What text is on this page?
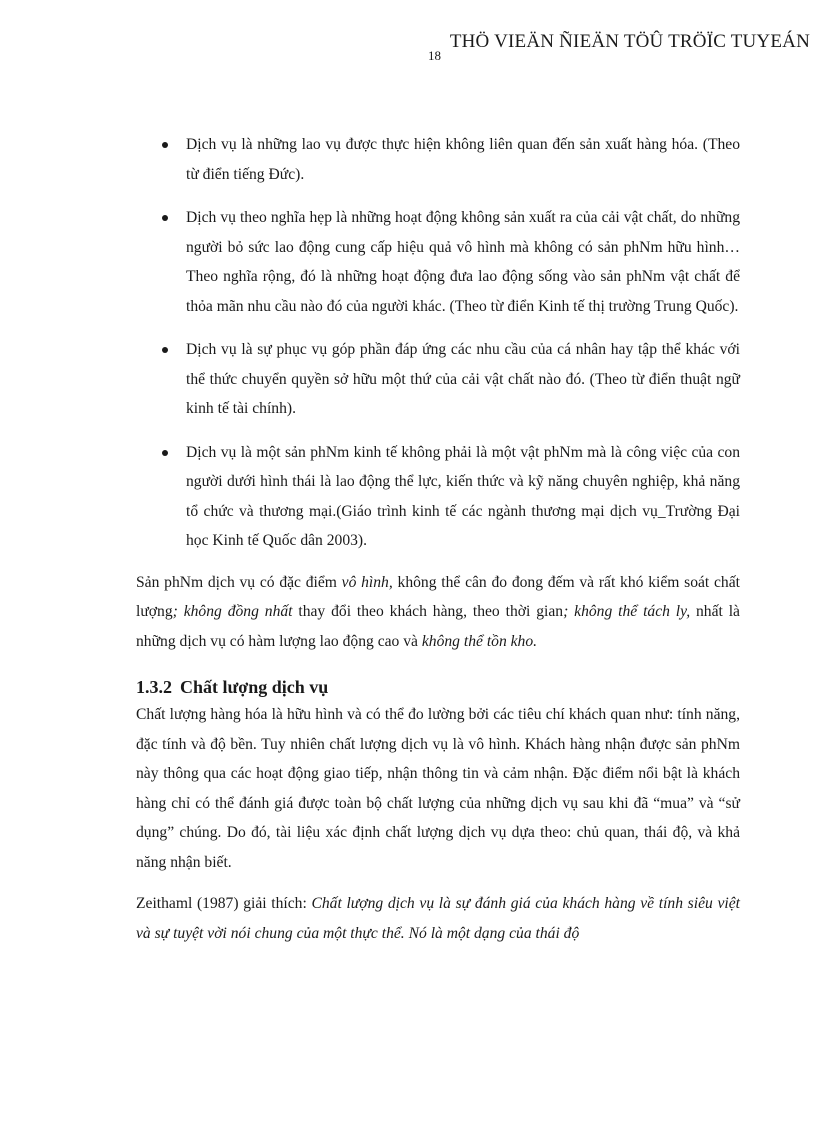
18
THÖ VIEÄN ÑIEÄN TÖÛ TRÖÏC TUYEÁN
Dịch vụ là những lao vụ được thực hiện không liên quan đến sản xuất hàng hóa. (Theo từ điển tiếng Đức).
Dịch vụ theo nghĩa hẹp là những hoạt động không sản xuất ra của cải vật chất, do những người bỏ sức lao động cung cấp hiệu quả vô hình mà không có sản phNm hữu hình…Theo nghĩa rộng, đó là những hoạt động đưa lao động sống vào sản phNm vật chất để thỏa mãn nhu cầu nào đó của người khác. (Theo từ điển Kinh tế thị trường Trung Quốc).
Dịch vụ là sự phục vụ góp phần đáp ứng các nhu cầu của cá nhân hay tập thể khác với thể thức chuyển quyền sở hữu một thứ của cải vật chất nào đó. (Theo từ điển thuật ngữ kinh tế tài chính).
Dịch vụ là một sản phNm kinh tế không phải là một vật phNm mà là công việc của con người dưới hình thái là lao động thể lực, kiến thức và kỹ năng chuyên nghiệp, khả năng tổ chức và thương mại.(Giáo trình kinh tế các ngành thương mại dịch vụ_Trường Đại học Kinh tế Quốc dân 2003).

Sản phNm dịch vụ có đặc điểm vô hình, không thể cân đo đong đếm và rất khó kiểm soát chất lượng; không đồng nhất thay đổi theo khách hàng, theo thời gian; không thể tách ly, nhất là những dịch vụ có hàm lượng lao động cao và không thể tồn kho.

1.3.2 Chất lượng dịch vụ

Chất lượng hàng hóa là hữu hình và có thể đo lường bởi các tiêu chí khách quan như: tính năng, đặc tính và độ bền. Tuy nhiên chất lượng dịch vụ là vô hình. Khách hàng nhận được sản phNm này thông qua các hoạt động giao tiếp, nhận thông tin và cảm nhận. Đặc điểm nổi bật là khách hàng chỉ có thể đánh giá được toàn bộ chất lượng của những dịch vụ sau khi đã “mua” và “sử dụng” chúng. Do đó, tài liệu xác định chất lượng dịch vụ dựa theo: chủ quan, thái độ, và khả năng nhận biết.

Zeithaml (1987) giải thích: Chất lượng dịch vụ là sự đánh giá của khách hàng về tính siêu việt và sự tuyệt vời nói chung của một thực thể. Nó là một dạng của thái độ
